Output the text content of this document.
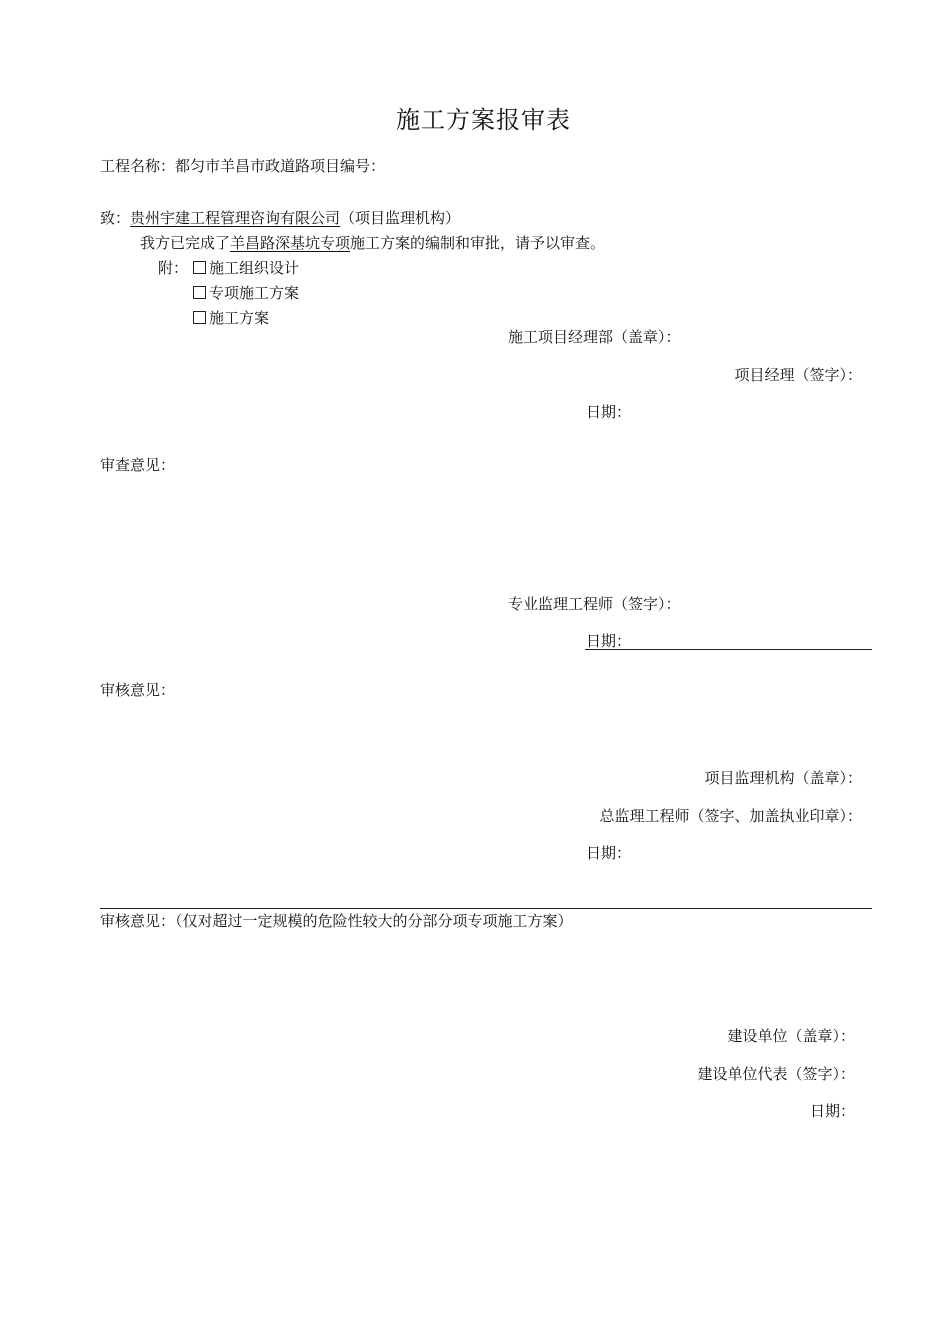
施工方案报审表
工程名称：都匀市羊昌市政道路项目编号：
致：贵州宇建工程管理咨询有限公司（项目监理机构）
我方已完成了羊昌路深基坑专项施工方案的编制和审批，请予以审查。
附：	施工组织设计
专项施工方案
施工方案
施工项目经理部（盖章）：
项目经理（签字）：
日期：
审查意见：
专业监理工程师（签字）：
日期：
审核意见：
项目监理机构（盖章）：
总监理工程师（签字、加盖执业印章）：
日期：
审核意见：（仅对超过一定规模的危险性较大的分部分项专项施工方案）
建设单位（盖章）：
建设单位代表（签字）：
日期：
